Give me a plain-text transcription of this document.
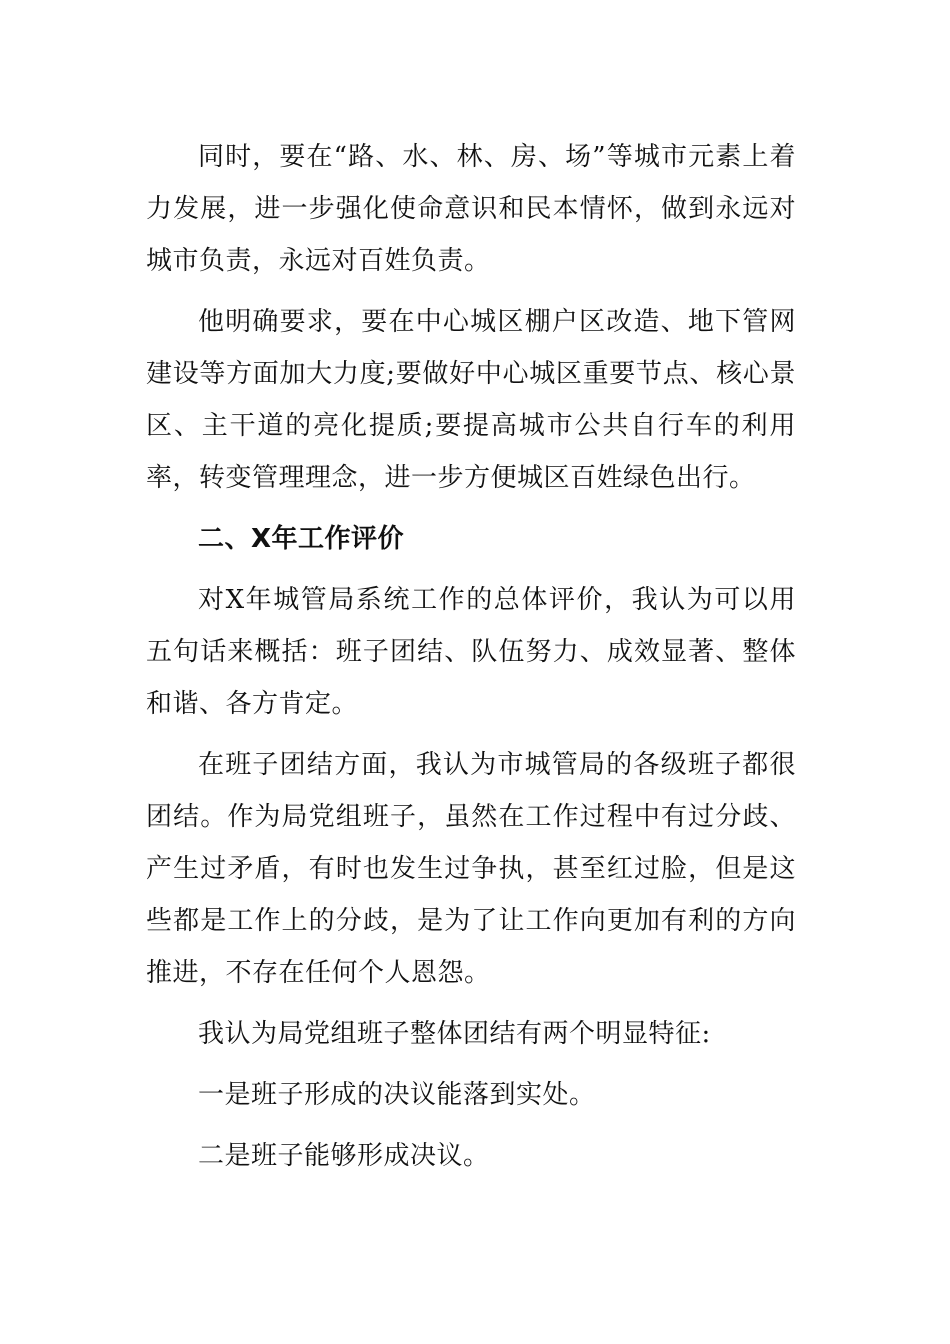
同时，要在“路、水、林、房、场”等城市元素上着力发展，进一步强化使命意识和民本情怀，做到永远对城市负责，永远对百姓负责。

他明确要求，要在中心城区棚户区改造、地下管网建设等方面加大力度;要做好中心城区重要节点、核心景区、主干道的亮化提质;要提高城市公共自行车的利用率，转变管理理念，进一步方便城区百姓绿色出行。

二、X年工作评价

对X年城管局系统工作的总体评价，我认为可以用五句话来概括：班子团结、队伍努力、成效显著、整体和谐、各方肯定。

在班子团结方面，我认为市城管局的各级班子都很团结。作为局党组班子，虽然在工作过程中有过分歧、产生过矛盾，有时也发生过争执，甚至红过脸，但是这些都是工作上的分歧，是为了让工作向更加有利的方向推进，不存在任何个人恩怨。

我认为局党组班子整体团结有两个明显特征:

一是班子形成的决议能落到实处。

二是班子能够形成决议。
